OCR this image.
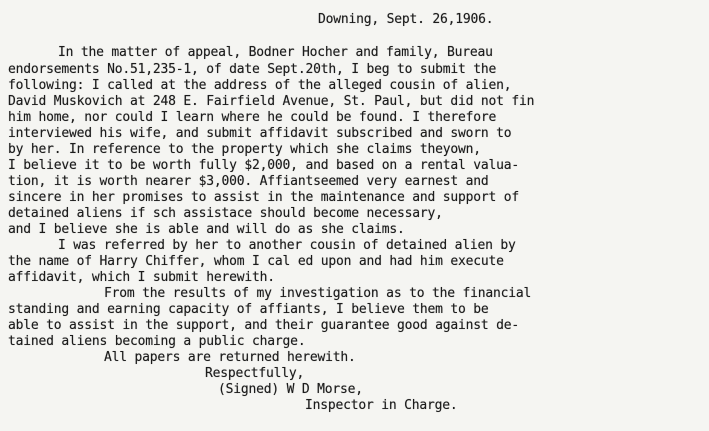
Downing, Sept. 26,1906.
In the matter of appeal, Bodner Hocher and family, Bureau
endorsements No.51,235-1, of date Sept.20th, I beg to submit the
following: I called at the address of the alleged cousin of alien,
David Muskovich at 248 E. Fairfield Avenue, St. Paul, but did not fin
him home, nor could I learn where he could be found. I therefore
interviewed his wife, and submit affidavit subscribed and sworn to
by her. In reference to the property which she claims theyown,
I believe it to be worth fully $2,000, and based on a rental valua-
tion, it is worth nearer $3,000. Affiantseemed very earnest and
sincere in her promises to assist in the maintenance and support of
detained aliens if sch assistace should become necessary,
and I believe she is able and will do as she claims.
I was referred by her to another cousin of detained alien by
the name of Harry Chiffer, whom I cal ed upon and had him execute
affidavit, which I submit herewith.
From the results of my investigation as to the financial
standing and earning capacity of affiants, I believe them to be
able to assist in the support, and their guarantee good against de-
tained aliens becoming a public charge.
All papers are returned herewith.
Respectfully,
(Signed) W D Morse,
Inspector in Charge.
